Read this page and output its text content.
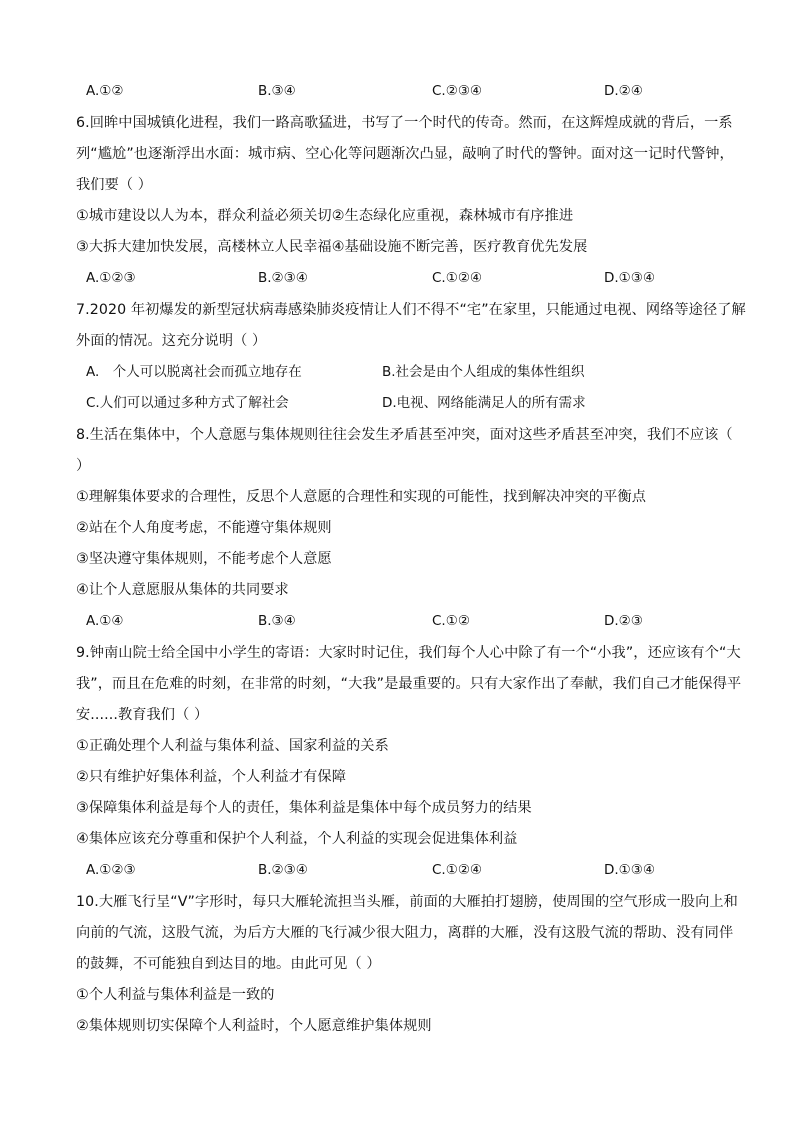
A.①②	B.③④	C.②③④	D.②④
6.回眸中国城镇化进程，我们一路高歌猛进，书写了一个时代的传奇。然而，在这辉煌成就的背后，一系
列“尴尬”也逐渐浮出水面：城市病、空心化等问题渐次凸显，敲响了时代的警钟。面对这一记时代警钟，
我们要（ ）
①城市建设以人为本，群众利益必须关切②生态绿化应重视，森林城市有序推进
③大拆大建加快发展，高楼林立人民幸福④基础设施不断完善，医疗教育优先发展
A.①②③	B.②③④	C.①②④	D.①③④
7.2020 年初爆发的新型冠状病毒感染肺炎疫情让人们不得不“宅”在家里，只能通过电视、网络等途径了解
外面的情况。这充分说明（ ）
A.　个人可以脱离社会而孤立地存在	B.社会是由个人组成的集体性组织
C.人们可以通过多种方式了解社会	D.电视、网络能满足人的所有需求
8.生活在集体中，个人意愿与集体规则往往会发生矛盾甚至冲突，面对这些矛盾甚至冲突，我们不应该（
）
①理解集体要求的合理性，反思个人意愿的合理性和实现的可能性，找到解决冲突的平衡点
②站在个人角度考虑，不能遵守集体规则
③坚决遵守集体规则，不能考虑个人意愿
④让个人意愿服从集体的共同要求
A.①④	B.③④	C.①②	D.②③
9.钟南山院士给全国中小学生的寄语：大家时时记住，我们每个人心中除了有一个“小我”，还应该有个“大
我”，而且在危难的时刻，在非常的时刻，“大我”是最重要的。只有大家作出了奉献，我们自己才能保得平
安......教育我们（ ）
①正确处理个人利益与集体利益、国家利益的关系
②只有维护好集体利益，个人利益才有保障
③保障集体利益是每个人的责任，集体利益是集体中每个成员努力的结果
④集体应该充分尊重和保护个人利益，个人利益的实现会促进集体利益
A.①②③	B.②③④	C.①②④	D.①③④
10.大雁飞行呈“V”字形时，每只大雁轮流担当头雁，前面的大雁拍打翅膀，使周围的空气形成一股向上和
向前的气流，这股气流，为后方大雁的飞行减少很大阻力，离群的大雁，没有这股气流的帮助、没有同伴
的鼓舞，不可能独自到达目的地。由此可见（ ）
①个人利益与集体利益是一致的
②集体规则切实保障个人利益时，个人愿意维护集体规则
